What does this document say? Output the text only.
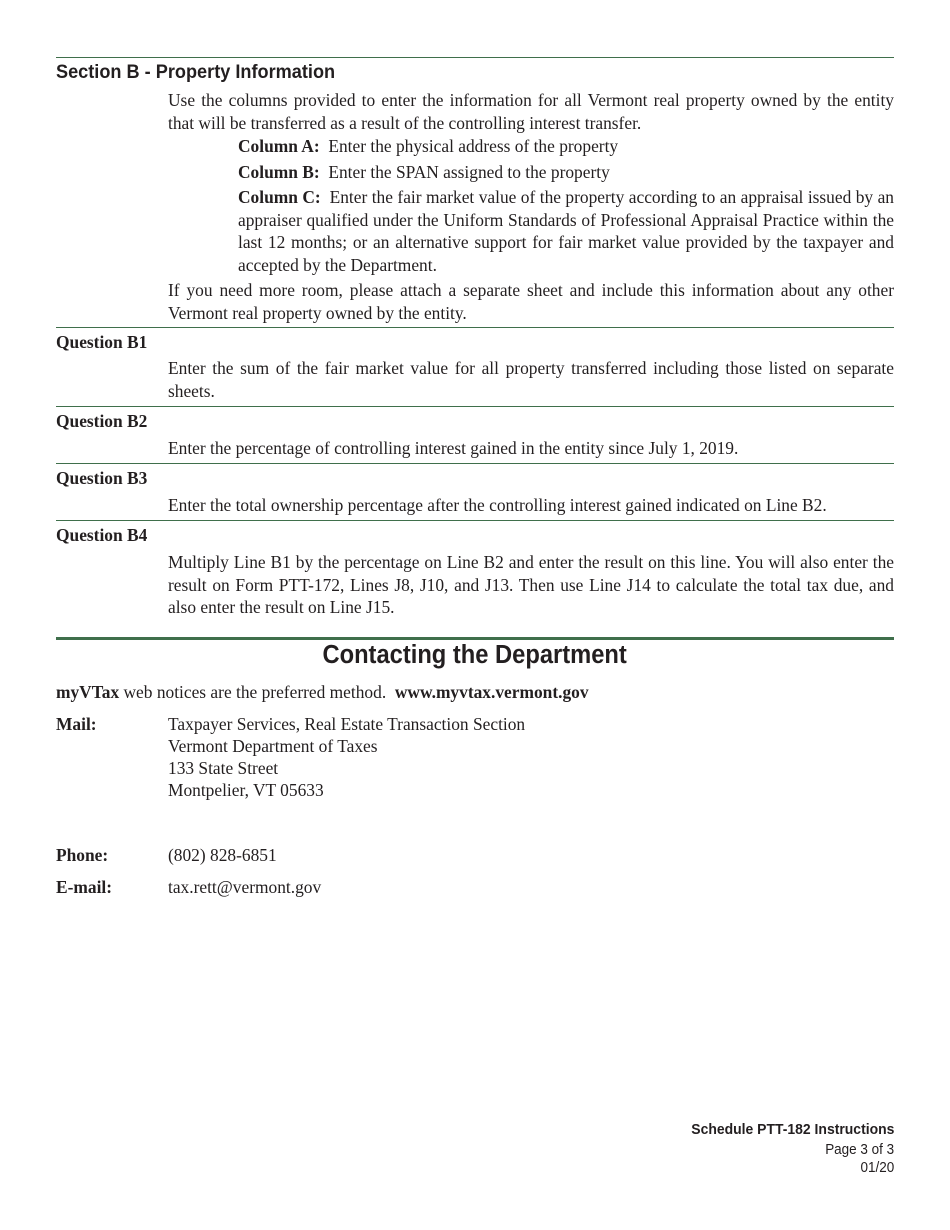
Section B - Property Information
Use the columns provided to enter the information for all Vermont real property owned by the entity that will be transferred as a result of the controlling interest transfer.
Column A: Enter the physical address of the property
Column B: Enter the SPAN assigned to the property
Column C: Enter the fair market value of the property according to an appraisal issued by an appraiser qualified under the Uniform Standards of Professional Appraisal Practice within the last 12 months; or an alternative support for fair market value provided by the taxpayer and accepted by the Department.
If you need more room, please attach a separate sheet and include this information about any other Vermont real property owned by the entity.
Question B1
Enter the sum of the fair market value for all property transferred including those listed on separate sheets.
Question B2
Enter the percentage of controlling interest gained in the entity since July 1, 2019.
Question B3
Enter the total ownership percentage after the controlling interest gained indicated on Line B2.
Question B4
Multiply Line B1 by the percentage on Line B2 and enter the result on this line. You will also enter the result on Form PTT-172, Lines J8, J10, and J13. Then use Line J14 to calculate the total tax due, and also enter the result on Line J15.
Contacting the Department
myVTax web notices are the preferred method. www.myvtax.vermont.gov
Mail:	Taxpayer Services, Real Estate Transaction Section
Vermont Department of Taxes
133 State Street
Montpelier, VT 05633
Phone:	(802) 828-6851
E-mail:	tax.rett@vermont.gov
Schedule PTT-182 Instructions
Page 3 of 3
01/20
